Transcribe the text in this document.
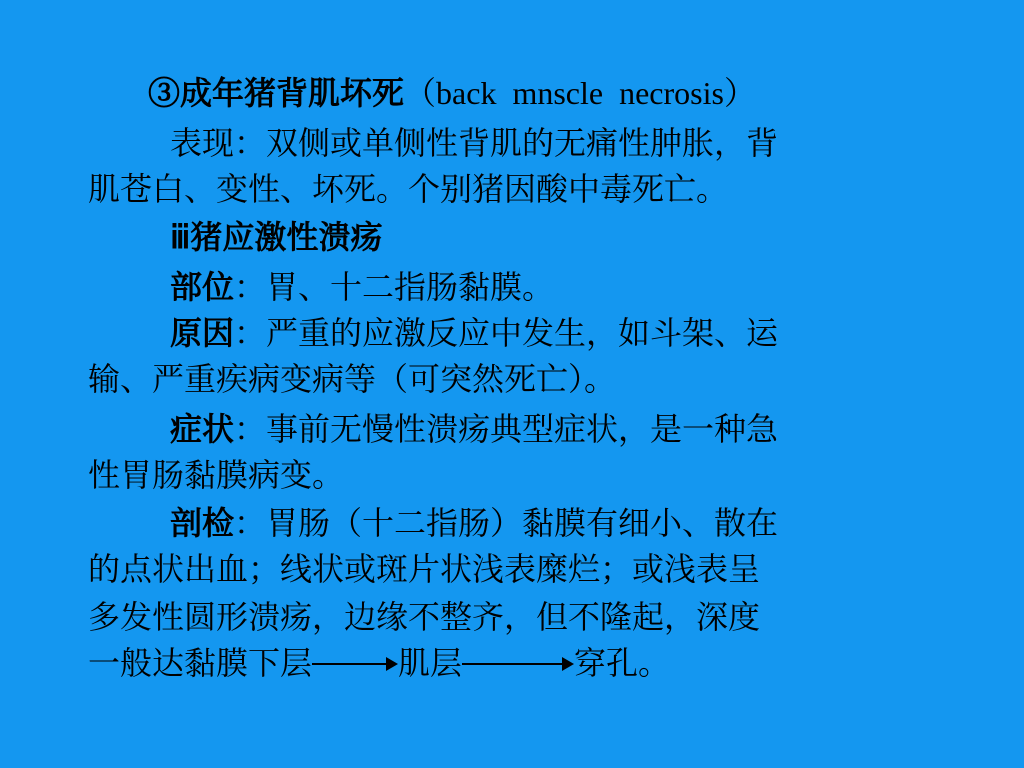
③成年猪背肌坏死（back mnscle necrosis）

表现：双侧或单侧性背肌的无痛性肿胀，背

肌苍白、变性、坏死。个别猪因酸中毒死亡。

ⅲ猪应激性溃疡

部位：胃、十二指肠黏膜。

原因：严重的应激反应中发生，如斗架、运

输、严重疾病变病等（可突然死亡）。

症状：事前无慢性溃疡典型症状，是一种急

性胃肠黏膜病变。

剖检：胃肠（十二指肠）黏膜有细小、散在

的点状出血；线状或斑片状浅表糜烂；或浅表呈

多发性圆形溃疡，边缘不整齐，但不隆起，深度

一般达黏膜下层	肌层	穿孔。
